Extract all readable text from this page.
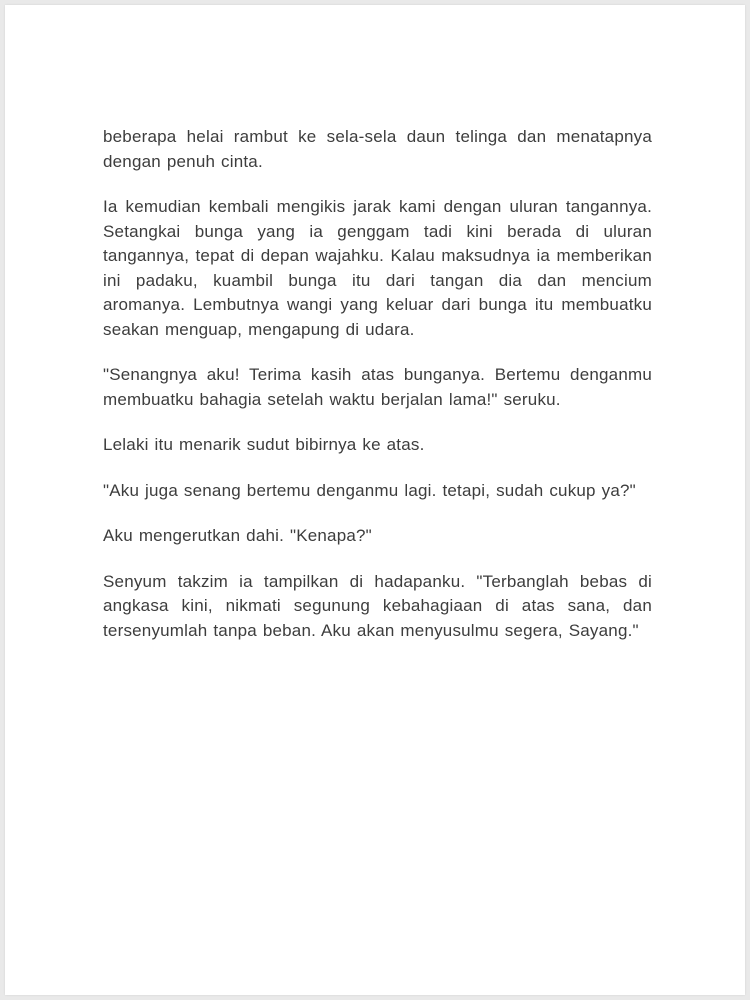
beberapa helai rambut ke sela-sela daun telinga dan menatapnya dengan penuh cinta.

Ia kemudian kembali mengikis jarak kami dengan uluran tangannya. Setangkai bunga yang ia genggam tadi kini berada di uluran tangannya, tepat di depan wajahku. Kalau maksudnya ia memberikan ini padaku, kuambil bunga itu dari tangan dia dan mencium aromanya. Lembutnya wangi yang keluar dari bunga itu membuatku seakan menguap, mengapung di udara.

"Senangnya aku! Terima kasih atas bunganya. Bertemu denganmu membuatku bahagia setelah waktu berjalan lama!" seruku.

Lelaki itu menarik sudut bibirnya ke atas.

"Aku juga senang bertemu denganmu lagi. tetapi, sudah cukup ya?"

Aku mengerutkan dahi. "Kenapa?"

Senyum takzim ia tampilkan di hadapanku. "Terbanglah bebas di angkasa kini, nikmati segunung kebahagiaan di atas sana, dan tersenyumlah tanpa beban. Aku akan menyusulmu segera, Sayang."
